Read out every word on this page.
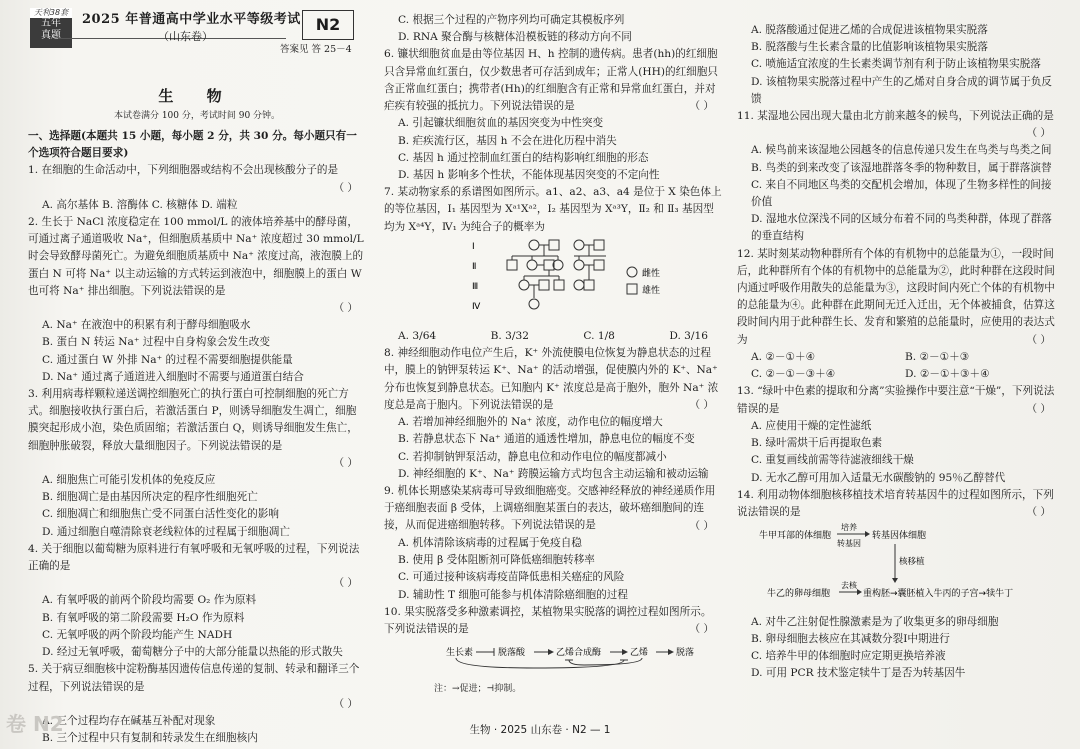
天利38套
五年
真题
2025 年普通高中学业水平等级考试
（山东卷）
N2
答案见 答 25－4
生 物
本试卷满分 100 分，考试时间 90 分钟。

一、选择题(本题共 15 小题，每小题 2 分，共 30 分。每小题只有一个选项符合题目要求)

1. 在细胞的生命活动中，下列细胞器或结构不会出现核酸分子的是

（ ）

A. 高尔基体 B. 溶酶体 C. 核糖体 D. 端粒

2. 生长于 NaCl 浓度稳定在 100 mmol/L 的液体培养基中的酵母菌，可通过离子通道吸收 Na⁺，但细胞质基质中 Na⁺ 浓度超过 30 mmol/L 时会导致酵母菌死亡。为避免细胞质基质中 Na⁺ 浓度过高，液泡膜上的蛋白 N 可将 Na⁺ 以主动运输的方式转运到液泡中，细胞膜上的蛋白 W 也可将 Na⁺ 排出细胞。下列说法错误的是

（ ）

A. Na⁺ 在液泡中的积累有利于酵母细胞吸水

B. 蛋白 N 转运 Na⁺ 过程中自身构象会发生改变

C. 通过蛋白 W 外排 Na⁺ 的过程不需要细胞提供能量

D. Na⁺ 通过离子通道进入细胞时不需要与通道蛋白结合

3. 利用病毒样颗粒递送调控细胞死亡的执行蛋白可控制细胞的死亡方式。细胞接收执行蛋白后，若激活蛋白 P，则诱导细胞发生凋亡，细胞膜突起形成小泡，染色质固缩；若激活蛋白 Q，则诱导细胞发生焦亡，细胞肿胀破裂，释放大量细胞因子。下列说法错误的是

（ ）

A. 细胞焦亡可能引发机体的免疫反应

B. 细胞凋亡是由基因所决定的程序性细胞死亡

C. 细胞凋亡和细胞焦亡受不同蛋白活性变化的影响

D. 通过细胞自噬清除衰老线粒体的过程属于细胞凋亡

4. 关于细胞以葡萄糖为原料进行有氧呼吸和无氧呼吸的过程，下列说法正确的是

（ ）

A. 有氧呼吸的前两个阶段均需要 O₂ 作为原料

B. 有氧呼吸的第二阶段需要 H₂O 作为原料

C. 无氧呼吸的两个阶段均能产生 NADH

D. 经过无氧呼吸，葡萄糖分子中的大部分能量以热能的形式散失

5. 关于病豆细胞核中淀粉酶基因遗传信息传递的复制、转录和翻译三个过程，下列说法错误的是

（ ）

A. 三个过程均存在碱基互补配对现象

B. 三个过程中只有复制和转录发生在细胞核内

C. 根据三个过程的产物序列均可确定其模板序列

D. RNA 聚合酶与核糖体沿模板链的移动方向不同

6. 镰状细胞贫血是由等位基因 H、h 控制的遗传病。患者(hh)的红细胞只含异常血红蛋白，仅少数患者可存活到成年；正常人(HH)的红细胞只含正常血红蛋白；携带者(Hh)的红细胞含有正常和异常血红蛋白，并对疟疾有较强的抵抗力。下列说法错误的是	（ ）

A. 引起镰状细胞贫血的基因突变为中性突变

B. 疟疾流行区，基因 h 不会在进化历程中消失

C. 基因 h 通过控制血红蛋白的结构影响红细胞的形态

D. 基因 h 影响多个性状，不能体现基因突变的不定向性

7. 某动物家系的系谱图如图所示。a1、a2、a3、a4 是位于 X 染色体上的等位基因，Ⅰ₁ 基因型为 Xᵃ¹Xᵃ²，Ⅰ₂ 基因型为 Xᵃ³Y，Ⅱ₂ 和 Ⅱ₃ 基因型均为 Xᵃ⁴Y，Ⅳ₁ 为纯合子的概率为

Ⅰ
Ⅱ
Ⅲ
Ⅳ
雌性
雄性
A. 3/64	B. 3/32	C. 1/8	D. 3/16

8. 神经细胞动作电位产生后，K⁺ 外流使膜电位恢复为静息状态的过程中，膜上的钠钾泵转运 K⁺、Na⁺ 的活动增强，促使膜内外的 K⁺、Na⁺ 分布也恢复到静息状态。已知胞内 K⁺ 浓度总是高于胞外，胞外 Na⁺ 浓度总是高于胞内。下列说法错误的是	（ ）

A. 若增加神经细胞外的 Na⁺ 浓度，动作电位的幅度增大

B. 若静息状态下 Na⁺ 通道的通透性增加，静息电位的幅度不变

C. 若抑制钠钾泵活动，静息电位和动作电位的幅度都减小

D. 神经细胞的 K⁺、Na⁺ 跨膜运输方式均包含主动运输和被动运输

9. 机体长期感染某病毒可导致细胞癌变。交感神经释放的神经递质作用于癌细胞表面 β 受体，上调癌细胞某蛋白的表达，破坏癌细胞间的连接，从而促进癌细胞转移。下列说法错误的是	（ ）

A. 机体清除该病毒的过程属于免疫自稳

B. 使用 β 受体阻断剂可降低癌细胞转移率

C. 可通过接种该病毒疫苗降低患相关癌症的风险

D. 辅助性 T 细胞可能参与机体清除癌细胞的过程

10. 果实脱落受多种激素调控，某植物果实脱落的调控过程如图所示。下列说法错误的是	（ ）
生长素	脱落酸	乙烯合成酶	乙烯	脱落

注：→促进；⊣抑制。

A. 脱落酸通过促进乙烯的合成促进该植物果实脱落

B. 脱落酸与生长素含量的比值影响该植物果实脱落

C. 喷施适宜浓度的生长素类调节剂有利于防止该植物果实脱落

D. 该植物果实脱落过程中产生的乙烯对自身合成的调节属于负反馈

11. 某湿地公园出现大量由北方前来越冬的候鸟，下列说法正确的是

（ ）

A. 候鸟前来该湿地公园越冬的信息传递只发生在鸟类与鸟类之间

B. 鸟类的到来改变了该湿地群落冬季的物种数目，属于群落演替

C. 来自不同地区鸟类的交配机会增加，体现了生物多样性的间接价值

D. 湿地水位深浅不同的区域分布着不同的鸟类种群，体现了群落的垂直结构

12. 某时刻某动物种群所有个体的有机物中的总能量为①，一段时间后，此种群所有个体的有机物中的总能量为②，此时种群在这段时间内通过呼吸作用散失的总能量为③，这段时间内死亡个体的有机物中的总能量为④。此种群在此期间无迁入迁出，无个体被捕食，估算这段时间内用于此种群生长、发育和繁殖的总能量时，应使用的表达式为	（ ）
A. ②－①＋④	B. ②－①＋③
C. ②－①－③＋④	D. ②－①＋③＋④

13. “绿叶中色素的提取和分离”实验操作中要注意“干燥”，下列说法错误的是	（ ）

A. 应使用干燥的定性滤纸

B. 绿叶需烘干后再提取色素

C. 重复画线前需等待滤液细线干燥

D. 无水乙醇可用加入适量无水碳酸钠的 95％乙醇替代

14. 利用动物体细胞核移植技术培育转基因牛的过程如图所示，下列说法错误的是	（ ）
牛甲耳部的体细胞
培养
转基因
转基因体细胞
核移植
牛乙的卵母细胞
去核
重构胚→囊胚植入牛丙的子宫→犊牛丁

A. 对牛乙注射促性腺激素是为了收集更多的卵母细胞

B. 卵母细胞去核应在其减数分裂Ⅰ中期进行

C. 培养牛甲的体细胞时应定期更换培养液

D. 可用 PCR 技术鉴定犊牛丁是否为转基因牛

生物 · 2025 山东卷 · N2 — 1
卷 N2
